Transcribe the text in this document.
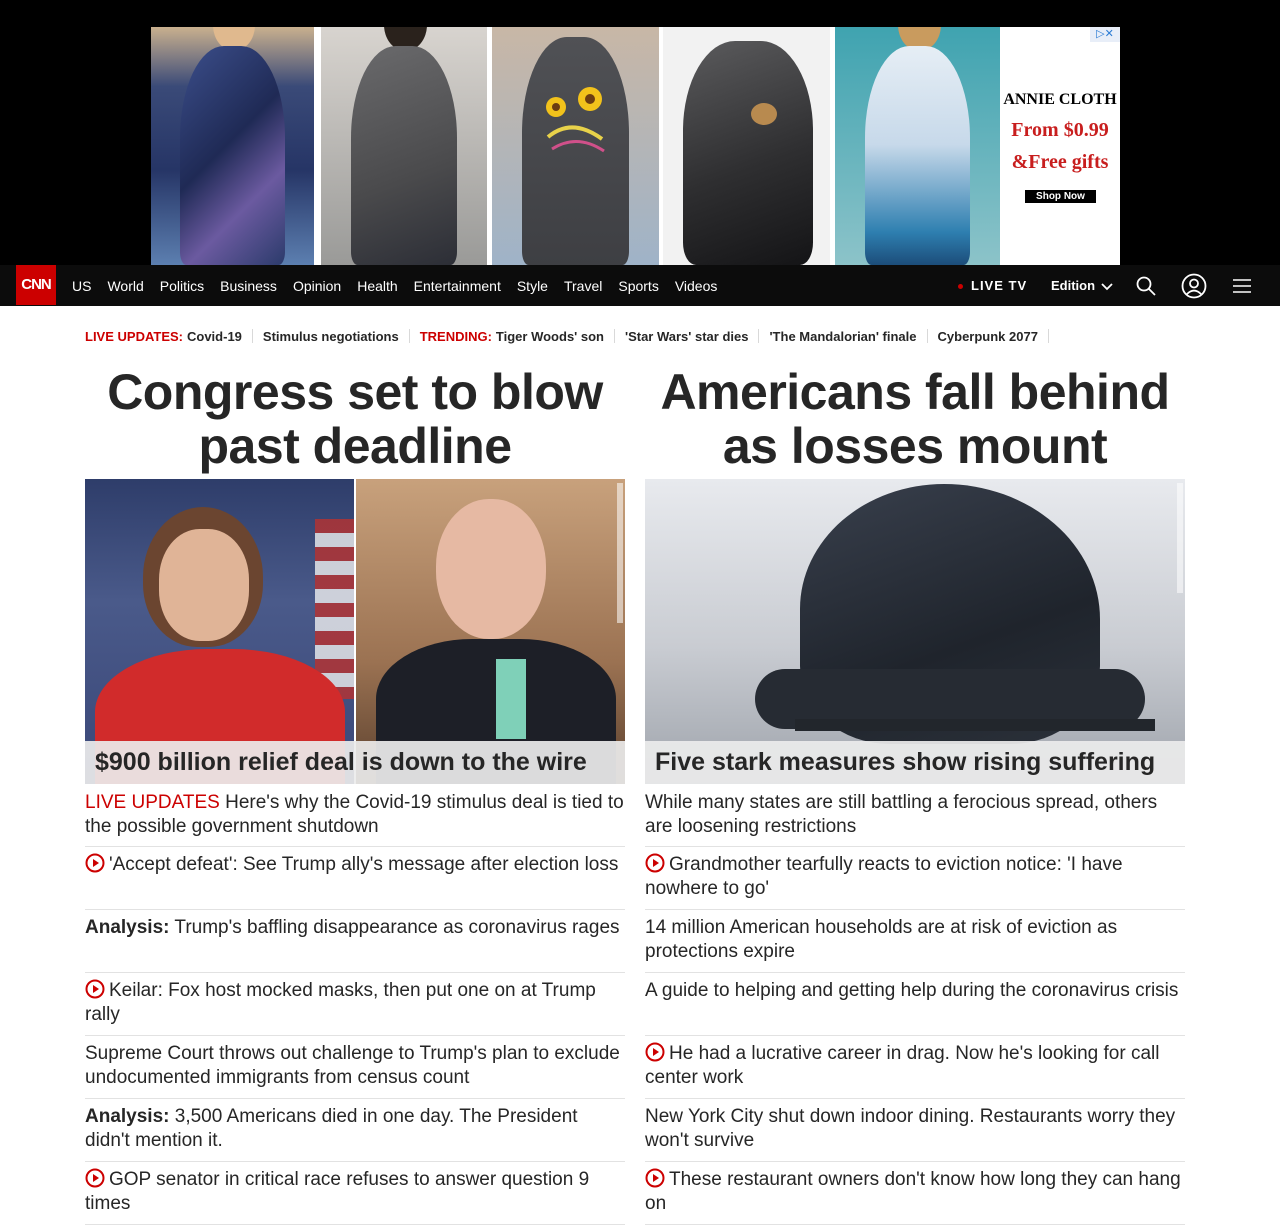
ANNIE CLOTH
From $0.99
&Free gifts
Shop Now
▷✕
CNN	US	World	Politics	Business	Opinion	Health	Entertainment	Style	Travel	Sports	Videos	LIVE TV Edition
LIVE UPDATES: Covid-19 Stimulus negotiations TRENDING: Tiger Woods' son 'Star Wars' star dies 'The Mandalorian' finale Cyberpunk 2077
Congress set to blow past deadline
$900 billion relief deal is down to the wire
LIVE UPDATES Here's why the Covid-19 stimulus deal is tied to the possible government shutdown
'Accept defeat': See Trump ally's message after election loss
Analysis: Trump's baffling disappearance as coronavirus rages
Keilar: Fox host mocked masks, then put one on at Trump rally
Supreme Court throws out challenge to Trump's plan to exclude undocumented immigrants from census count
Analysis: 3,500 Americans died in one day. The President didn't mention it.
GOP senator in critical race refuses to answer question 9 times
Americans fall behind as losses mount
Five stark measures show rising suffering
While many states are still battling a ferocious spread, others are loosening restrictions
Grandmother tearfully reacts to eviction notice: 'I have nowhere to go'
14 million American households are at risk of eviction as protections expire
A guide to helping and getting help during the coronavirus crisis
He had a lucrative career in drag. Now he's looking for call center work
New York City shut down indoor dining. Restaurants worry they won't survive
These restaurant owners don't know how long they can hang on
